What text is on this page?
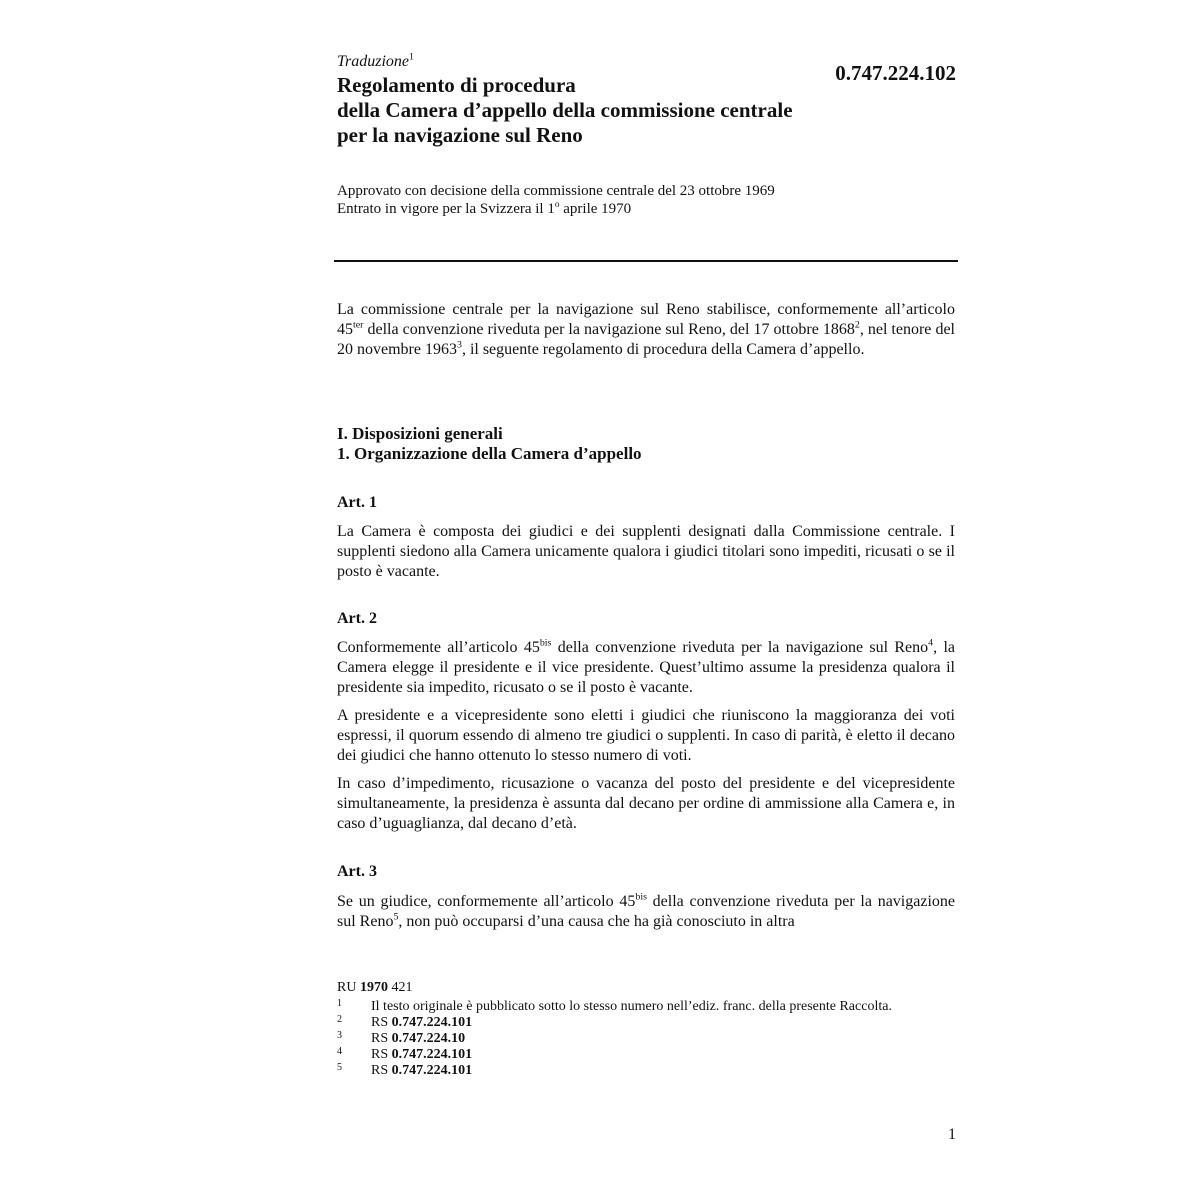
Traduzione$^1$
0.747.224.102
Regolamento di procedura
della Camera d’appello della commissione centrale
per la navigazione sul Reno
Approvato con decisione della commissione centrale del 23 ottobre 1969
Entrato in vigore per la Svizzera il 1$^o$ aprile 1970

La commissione centrale per la navigazione sul Reno stabilisce, conformemente all’articolo $45^{ter}$ della convenzione riveduta per la navigazione sul Reno, del 17 ottobre 1868$^2$, nel tenore del 20 novembre 1963$^3$, il seguente regolamento di procedura della Camera d’appello.

I. Disposizioni generali
1. Organizzazione della Camera d’appello
Art. 1

La Camera è composta dei giudici e dei supplenti designati dalla Commissione centrale. I supplenti siedono alla Camera unicamente qualora i giudici titolari sono impediti, ricusati o se il posto è vacante.

Art. 2

Conformemente all’articolo $45^{bis}$ della convenzione riveduta per la navigazione sul Reno$^4$, la Camera elegge il presidente e il vice presidente. Quest’ultimo assume la presidenza qualora il presidente sia impedito, ricusato o se il posto è vacante.

A presidente e a vicepresidente sono eletti i giudici che riuniscono la maggioranza dei voti espressi, il quorum essendo di almeno tre giudici o supplenti. In caso di parità, è eletto il decano dei giudici che hanno ottenuto lo stesso numero di voti.

In caso d’impedimento, ricusazione o vacanza del posto del presidente e del vicepresidente simultaneamente, la presidenza è assunta dal decano per ordine di ammissione alla Camera e, in caso d’uguaglianza, dal decano d’età.

Art. 3

Se un giudice, conformemente all’articolo $45^{bis}$ della convenzione riveduta per la navigazione sul Reno$^5$, non può occuparsi d’una causa che ha già conosciuto in altra

RU 1970 421

1 Il testo originale è pubblicato sotto lo stesso numero nell’ediz. franc. della presente Raccolta.

2 RS 0.747.224.101

3 RS 0.747.224.10

4 RS 0.747.224.101

5 RS 0.747.224.101

1
